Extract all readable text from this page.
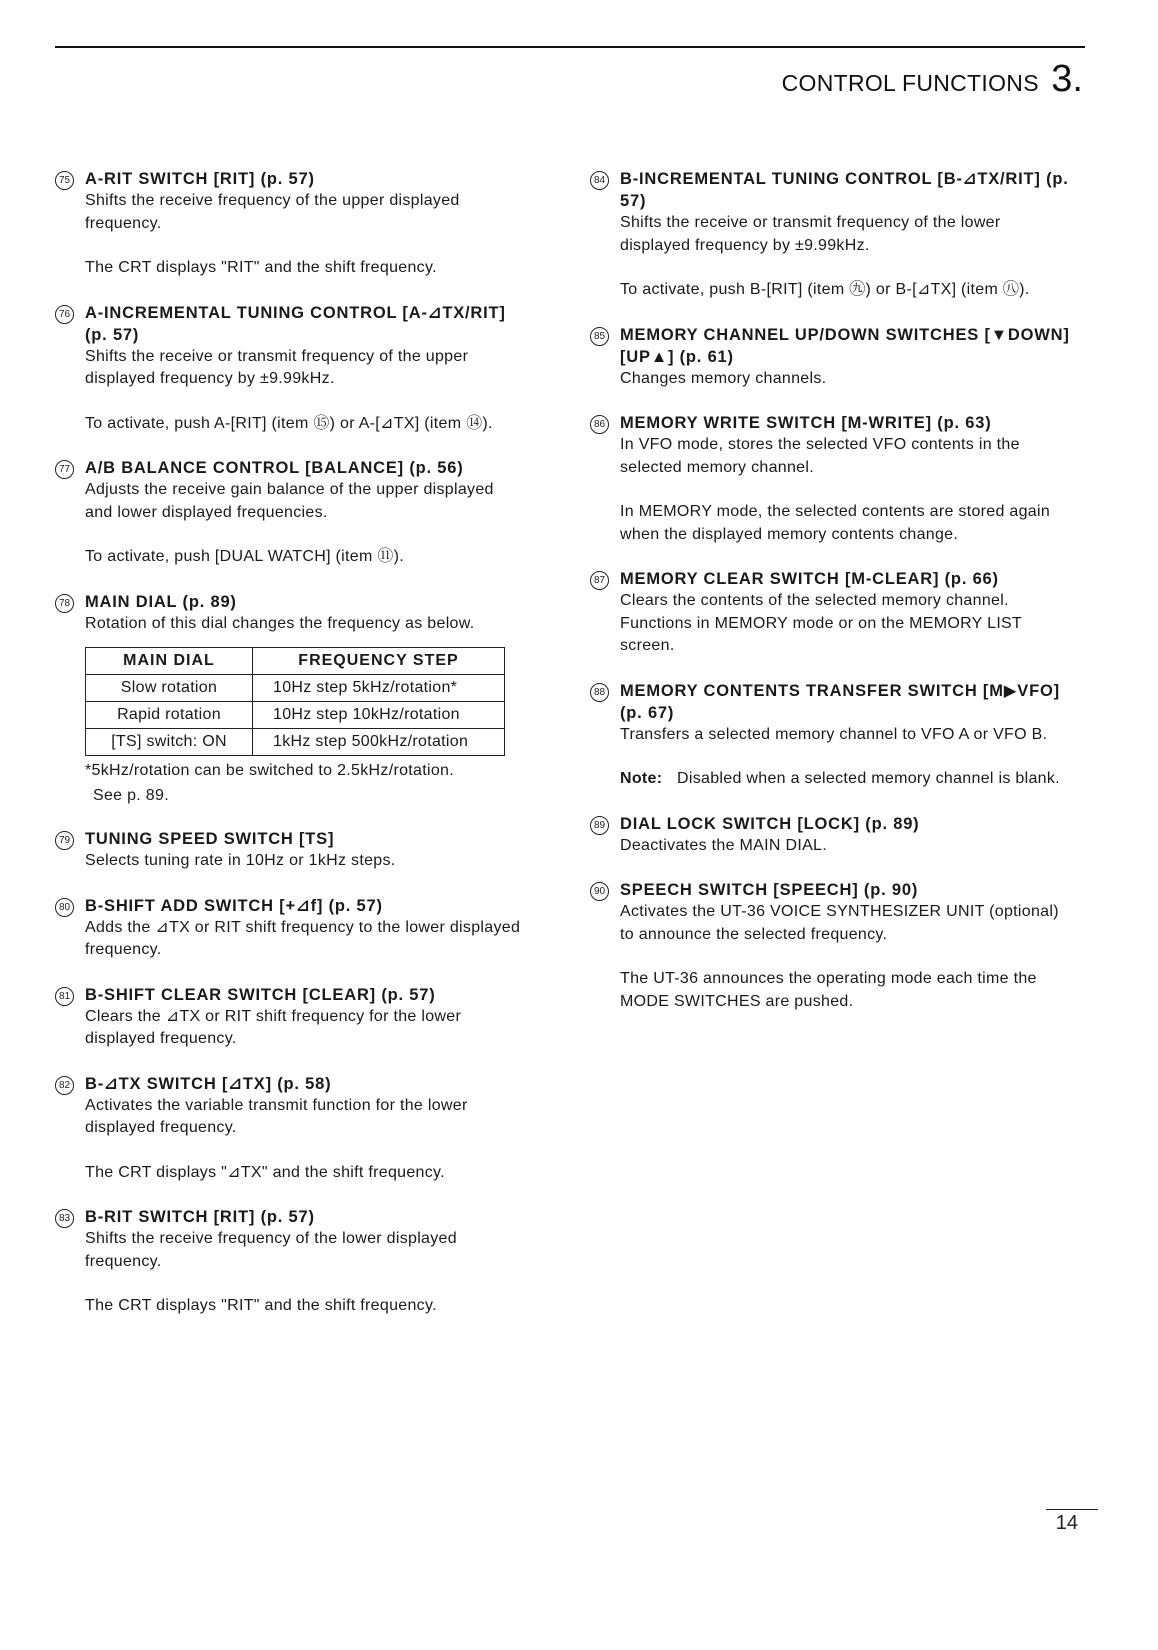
CONTROL FUNCTIONS 3.
75 A-RIT SWITCH [RIT] (p. 57)

Shifts the receive frequency of the upper displayed frequency.

The CRT displays "RIT" and the shift frequency.

76 A-INCREMENTAL TUNING CONTROL [A-⊿TX/RIT] (p. 57)

Shifts the receive or transmit frequency of the upper displayed frequency by ±9.99kHz.

To activate, push A-[RIT] (item ⑮) or A-[⊿TX] (item ⑭).

77 A/B BALANCE CONTROL [BALANCE] (p. 56)

Adjusts the receive gain balance of the upper displayed and lower displayed frequencies.

To activate, push [DUAL WATCH] (item ⑪).

78 MAIN DIAL (p. 89)

Rotation of this dial changes the frequency as below.

MAIN DIAL	FREQUENCY STEP
Slow rotation	10Hz step 5kHz/rotation*
Rapid rotation	10Hz step 10kHz/rotation
[TS] switch: ON	1kHz step 500kHz/rotation
*5kHz/rotation can be switched to 2.5kHz/rotation.
See p. 89.
79 TUNING SPEED SWITCH [TS]

Selects tuning rate in 10Hz or 1kHz steps.

80 B-SHIFT ADD SWITCH [+⊿f] (p. 57)

Adds the ⊿TX or RIT shift frequency to the lower displayed frequency.

81 B-SHIFT CLEAR SWITCH [CLEAR] (p. 57)

Clears the ⊿TX or RIT shift frequency for the lower displayed frequency.

82 B-⊿TX SWITCH [⊿TX] (p. 58)

Activates the variable transmit function for the lower displayed frequency.

The CRT displays "⊿TX" and the shift frequency.

83 B-RIT SWITCH [RIT] (p. 57)

Shifts the receive frequency of the lower displayed frequency.

The CRT displays "RIT" and the shift frequency.

84 B-INCREMENTAL TUNING CONTROL [B-⊿TX/RIT] (p. 57)

Shifts the receive or transmit frequency of the lower displayed frequency by ±9.99kHz.

To activate, push B-[RIT] (item ㊈) or B-[⊿TX] (item ㊇).

85 MEMORY CHANNEL UP/DOWN SWITCHES [▼DOWN] [UP▲] (p. 61)

Changes memory channels.

86 MEMORY WRITE SWITCH [M-WRITE] (p. 63)

In VFO mode, stores the selected VFO contents in the selected memory channel.

In MEMORY mode, the selected contents are stored again when the displayed memory contents change.

87 MEMORY CLEAR SWITCH [M-CLEAR] (p. 66)

Clears the contents of the selected memory channel. Functions in MEMORY mode or on the MEMORY LIST screen.

88 MEMORY CONTENTS TRANSFER SWITCH [M▶VFO] (p. 67)

Transfers a selected memory channel to VFO A or VFO B.

Note: Disabled when a selected memory channel is blank.
89 DIAL LOCK SWITCH [LOCK] (p. 89)

Deactivates the MAIN DIAL.

90 SPEECH SWITCH [SPEECH] (p. 90)

Activates the UT-36 VOICE SYNTHESIZER UNIT (optional) to announce the selected frequency.

The UT-36 announces the operating mode each time the MODE SWITCHES are pushed.

14
